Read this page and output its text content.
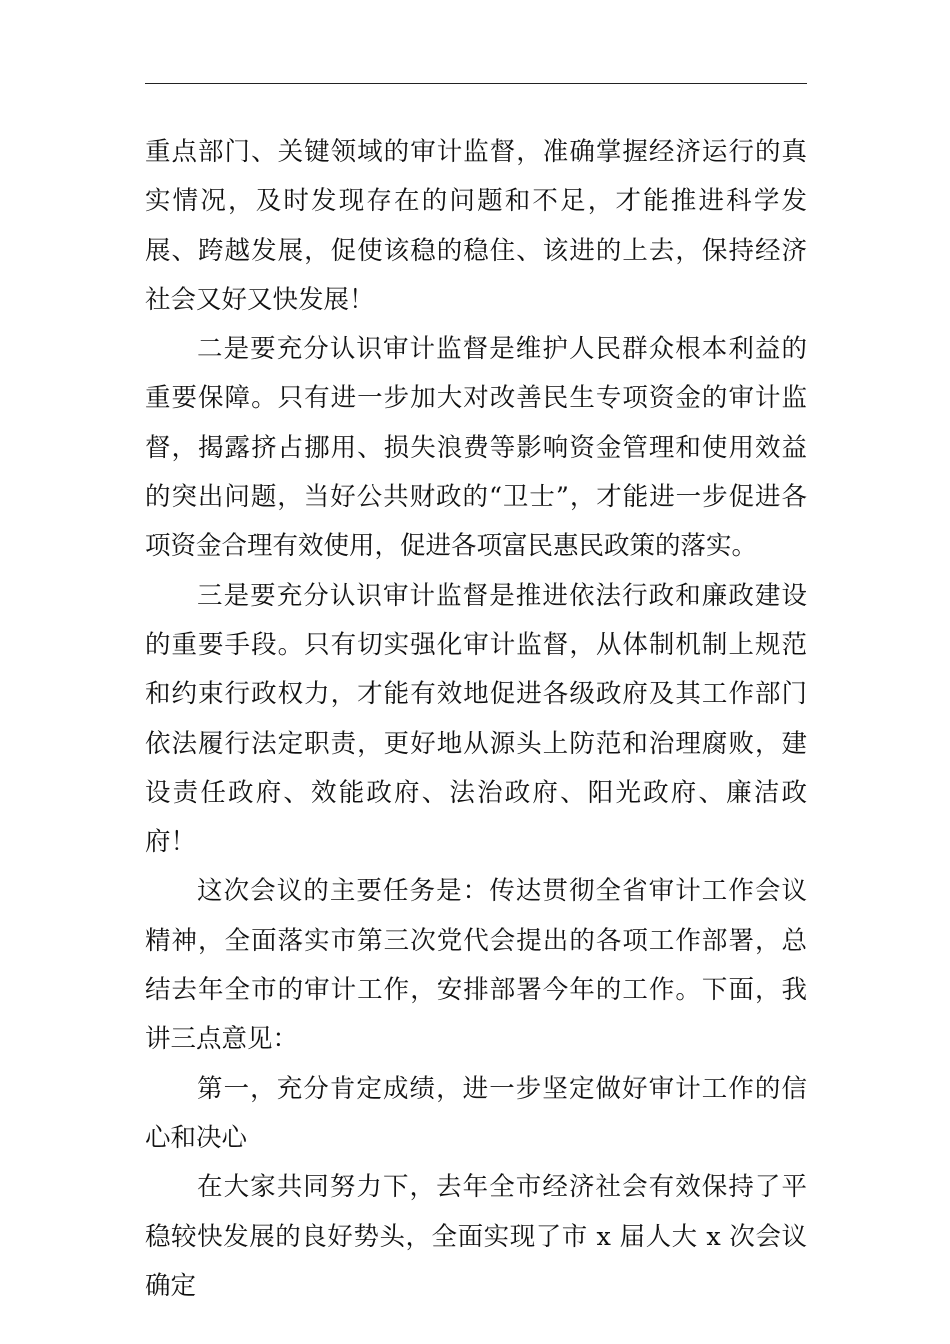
重点部门、关键领域的审计监督，准确掌握经济运行的真实情况，及时发现存在的问题和不足，才能推进科学发展、跨越发展，促使该稳的稳住、该进的上去，保持经济社会又好又快发展！

二是要充分认识审计监督是维护人民群众根本利益的重要保障。只有进一步加大对改善民生专项资金的审计监督，揭露挤占挪用、损失浪费等影响资金管理和使用效益的突出问题，当好公共财政的“卫士”，才能进一步促进各项资金合理有效使用，促进各项富民惠民政策的落实。

三是要充分认识审计监督是推进依法行政和廉政建设的重要手段。只有切实强化审计监督，从体制机制上规范和约束行政权力，才能有效地促进各级政府及其工作部门依法履行法定职责，更好地从源头上防范和治理腐败，建设责任政府、效能政府、法治政府、阳光政府、廉洁政府！

这次会议的主要任务是：传达贯彻全省审计工作会议精神，全面落实市第三次党代会提出的各项工作部署，总结去年全市的审计工作，安排部署今年的工作。下面，我讲三点意见：

第一，充分肯定成绩，进一步坚定做好审计工作的信心和决心

在大家共同努力下，去年全市经济社会有效保持了平稳较快发展的良好势头，全面实现了市 x 届人大 x 次会议确定
